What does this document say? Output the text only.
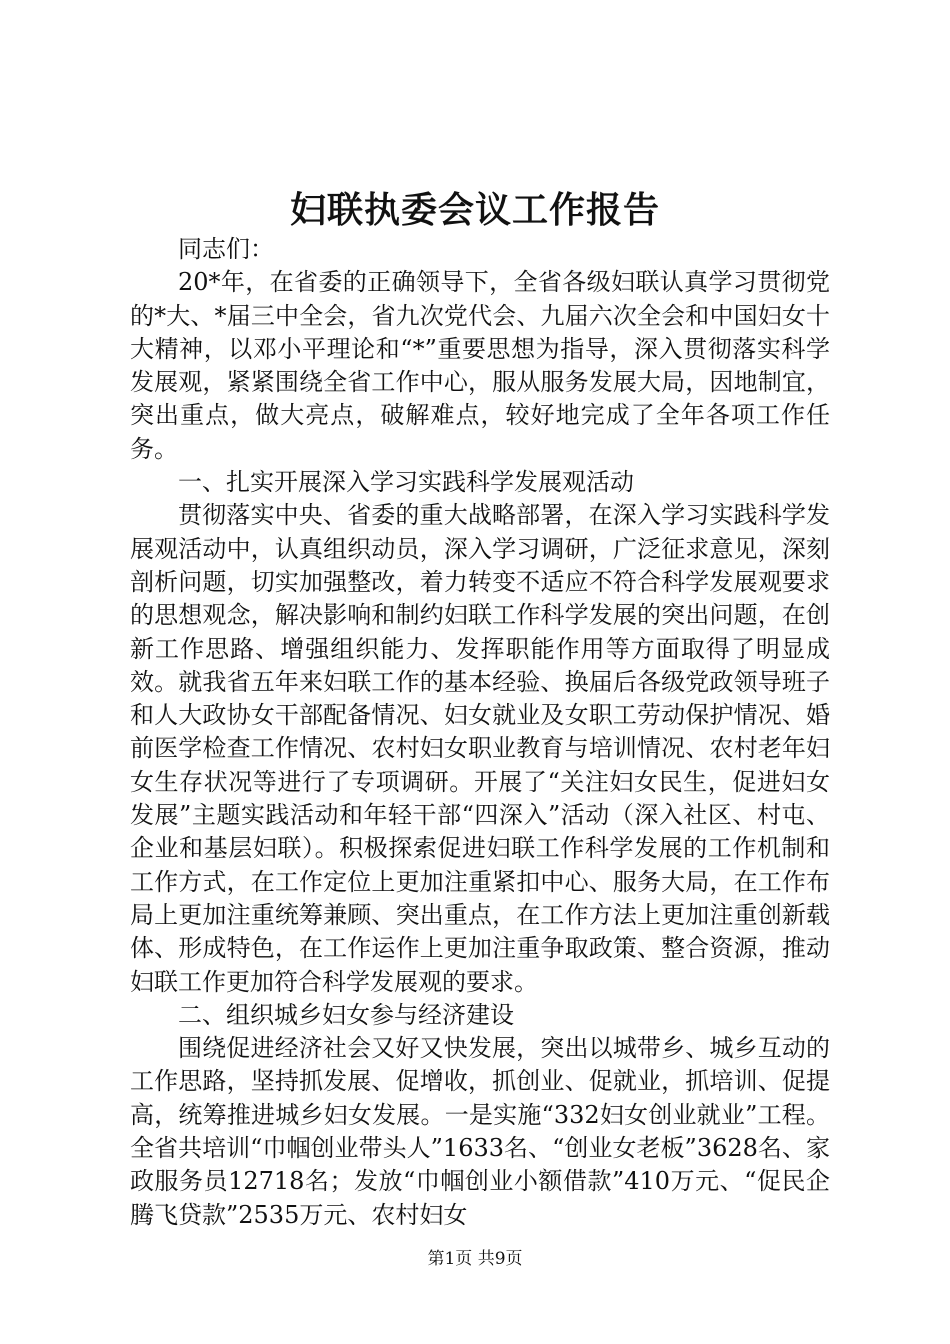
妇联执委会议工作报告

同志们：

20*年，在省委的正确领导下，全省各级妇联认真学习贯彻党的*大、*届三中全会，省九次党代会、九届六次全会和中国妇女十大精神，以邓小平理论和“*”重要思想为指导，深入贯彻落实科学发展观，紧紧围绕全省工作中心，服从服务发展大局，因地制宜，突出重点，做大亮点，破解难点，较好地完成了全年各项工作任务。

一、扎实开展深入学习实践科学发展观活动

贯彻落实中央、省委的重大战略部署，在深入学习实践科学发展观活动中，认真组织动员，深入学习调研，广泛征求意见，深刻剖析问题，切实加强整改，着力转变不适应不符合科学发展观要求的思想观念，解决影响和制约妇联工作科学发展的突出问题，在创新工作思路、增强组织能力、发挥职能作用等方面取得了明显成效。就我省五年来妇联工作的基本经验、换届后各级党政领导班子和人大政协女干部配备情况、妇女就业及女职工劳动保护情况、婚前医学检查工作情况、农村妇女职业教育与培训情况、农村老年妇女生存状况等进行了专项调研。开展了“关注妇女民生，促进妇女发展”主题实践活动和年轻干部“四深入”活动（深入社区、村屯、企业和基层妇联）。积极探索促进妇联工作科学发展的工作机制和工作方式，在工作定位上更加注重紧扣中心、服务大局，在工作布局上更加注重统筹兼顾、突出重点，在工作方法上更加注重创新载体、形成特色，在工作运作上更加注重争取政策、整合资源，推动妇联工作更加符合科学发展观的要求。

二、组织城乡妇女参与经济建设

围绕促进经济社会又好又快发展，突出以城带乡、城乡互动的工作思路，坚持抓发展、促增收，抓创业、促就业，抓培训、促提高，统筹推进城乡妇女发展。一是实施“332妇女创业就业”工程。全省共培训“巾帼创业带头人”1633名、“创业女老板”3628名、家政服务员12718名；发放“巾帼创业小额借款”410万元、“促民企腾飞贷款”2535万元、农村妇女

第1页 共9页
